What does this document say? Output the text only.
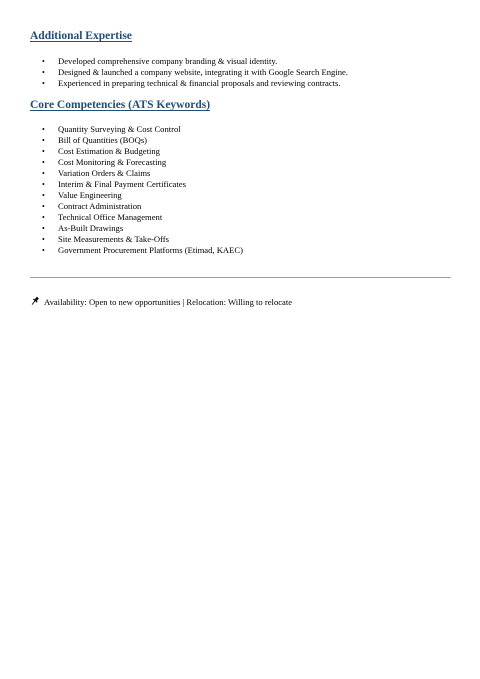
Additional Expertise
•	Developed comprehensive company branding & visual identity.
•	Designed & launched a company website, integrating it with Google Search Engine.
•	Experienced in preparing technical & financial proposals and reviewing contracts.
Core Competencies (ATS Keywords)
•	Quantity Surveying & Cost Control
•	Bill of Quantities (BOQs)
•	Cost Estimation & Budgeting
•	Cost Monitoring & Forecasting
•	Variation Orders & Claims
•	Interim & Final Payment Certificates
•	Value Engineering
•	Contract Administration
•	Technical Office Management
•	As-Built Drawings
•	Site Measurements & Take-Offs
•	Government Procurement Platforms (Etimad, KAEC)
Availability: Open to new opportunities | Relocation: Willing to relocate
